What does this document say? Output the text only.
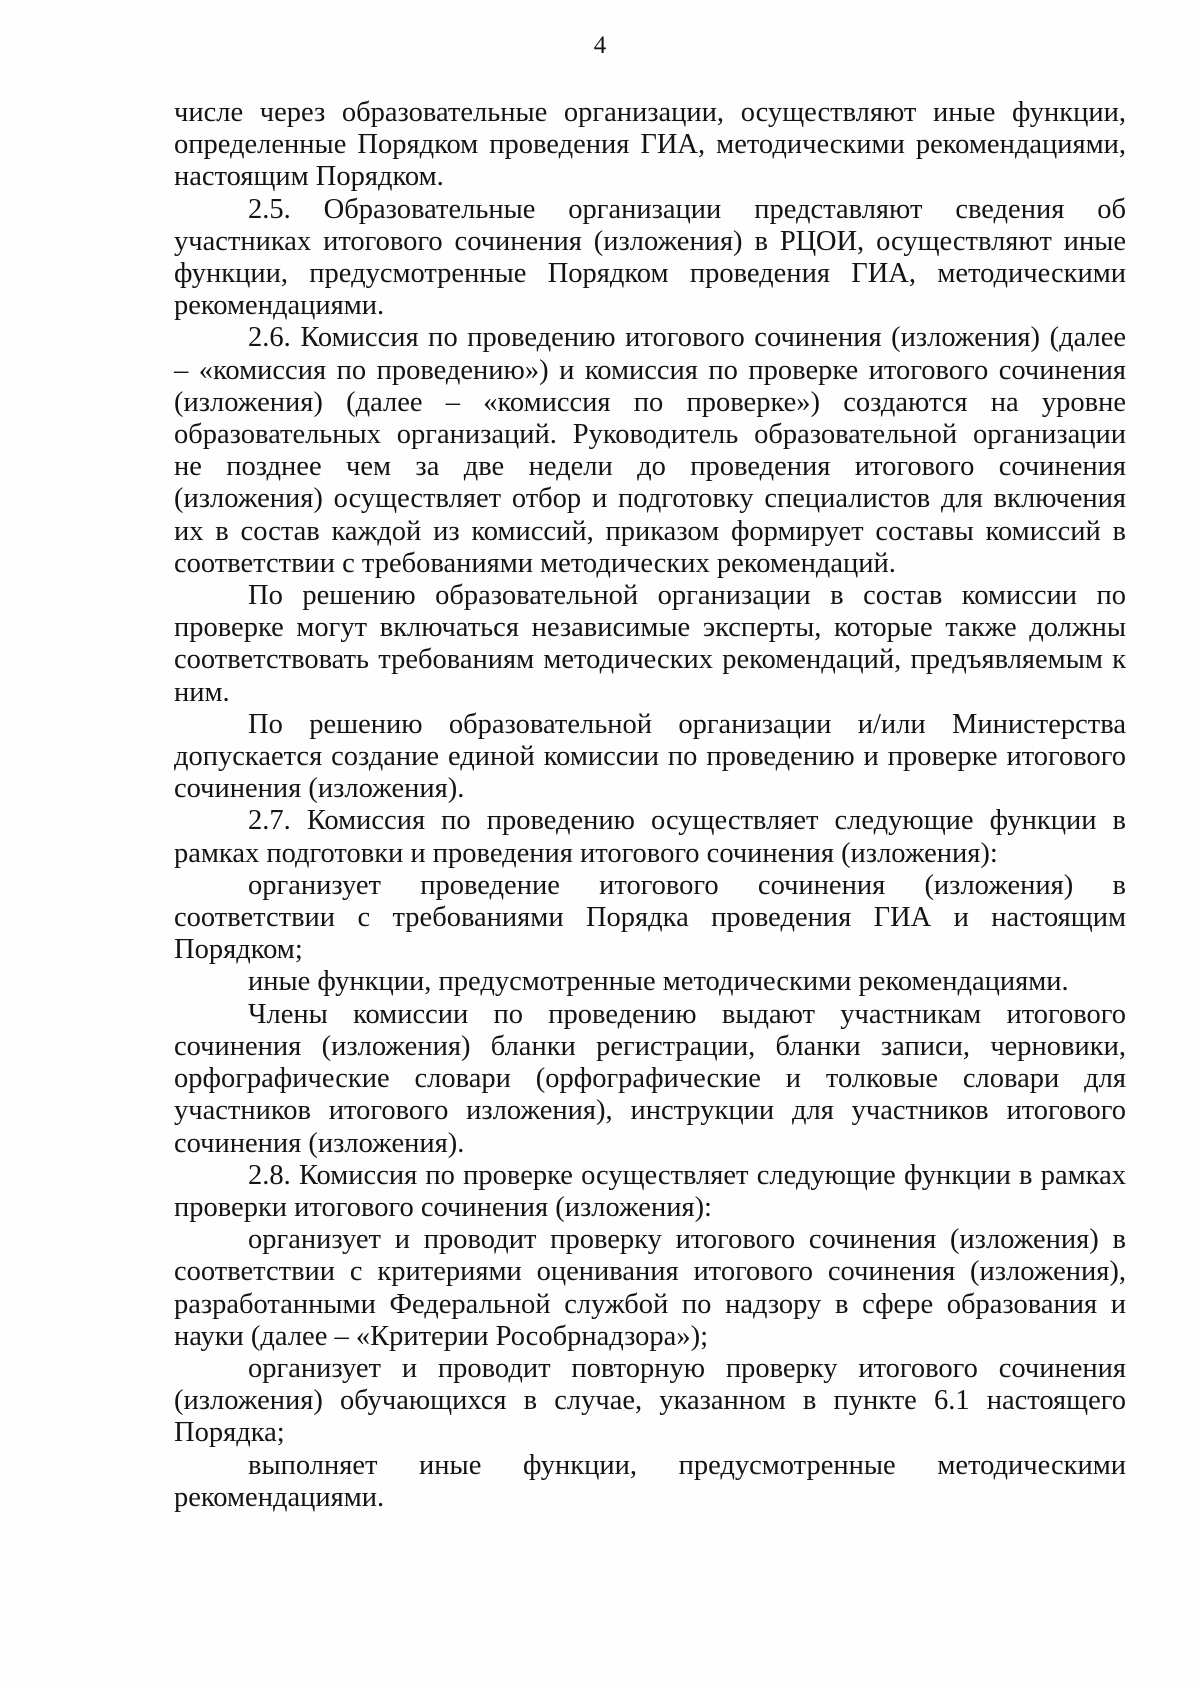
4

числе через образовательные организации, осуществляют иные функции, определенные Порядком проведения ГИА, методическими рекомендациями, настоящим Порядком.

2.5. Образовательные организации представляют сведения об участниках итогового сочинения (изложения) в РЦОИ, осуществляют иные функции, предусмотренные Порядком проведения ГИА, методическими рекомендациями.

2.6. Комиссия по проведению итогового сочинения (изложения) (далее – «комиссия по проведению») и комиссия по проверке итогового сочинения (изложения) (далее – «комиссия по проверке») создаются на уровне образовательных организаций. Руководитель образовательной организации не позднее чем за две недели до проведения итогового сочинения (изложения) осуществляет отбор и подготовку специалистов для включения их в состав каждой из комиссий, приказом формирует составы комиссий в соответствии с требованиями методических рекомендаций.

По решению образовательной организации в состав комиссии по проверке могут включаться независимые эксперты, которые также должны соответствовать требованиям методических рекомендаций, предъявляемым к ним.

По решению образовательной организации и/или Министерства допускается создание единой комиссии по проведению и проверке итогового сочинения (изложения).

2.7. Комиссия по проведению осуществляет следующие функции в рамках подготовки и проведения итогового сочинения (изложения):

организует проведение итогового сочинения (изложения) в соответствии с требованиями Порядка проведения ГИА и настоящим Порядком;

иные функции, предусмотренные методическими рекомендациями.

Члены комиссии по проведению выдают участникам итогового сочинения (изложения) бланки регистрации, бланки записи, черновики, орфографические словари (орфографические и толковые словари для участников итогового изложения), инструкции для участников итогового сочинения (изложения).

2.8. Комиссия по проверке осуществляет следующие функции в рамках проверки итогового сочинения (изложения):

организует и проводит проверку итогового сочинения (изложения) в соответствии с критериями оценивания итогового сочинения (изложения), разработанными Федеральной службой по надзору в сфере образования и науки (далее – «Критерии Рособрнадзора»);

организует и проводит повторную проверку итогового сочинения (изложения) обучающихся в случае, указанном в пункте 6.1 настоящего Порядка;

выполняет иные функции, предусмотренные методическими рекомендациями.
